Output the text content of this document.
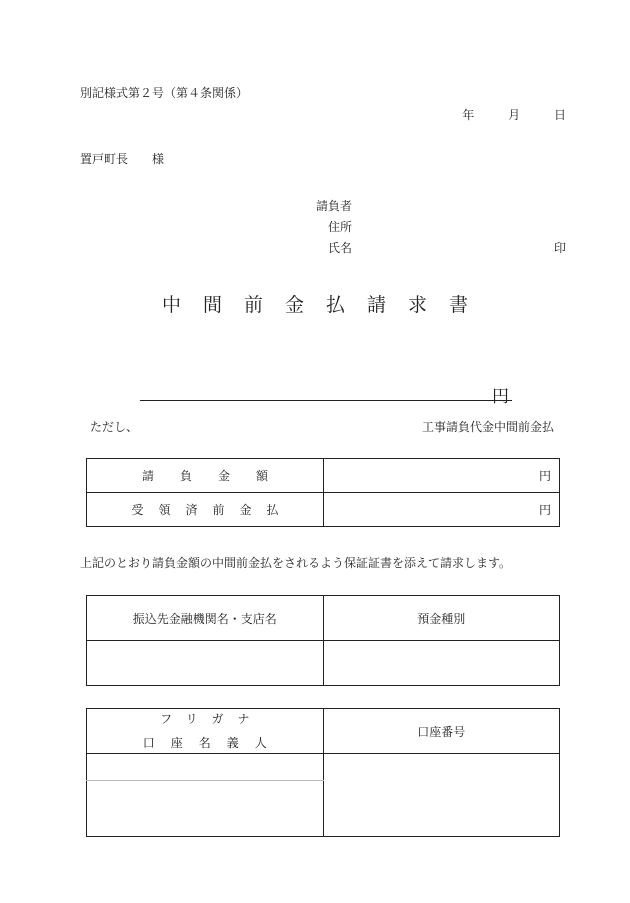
別記様式第２号（第４条関係）
年	月	日
置戸町長 様
請負者
住所
氏名	印
中間前金払請求書
円
ただし、	工事請負代金中間前金払
請負金額	円
受領済前金払	円
上記のとおり請負金額の中間前金払をされるよう保証証書を添えて請求します。
振込先金融機関名・支店名	預金種別

フリガナ
口座名義人	口座番号
